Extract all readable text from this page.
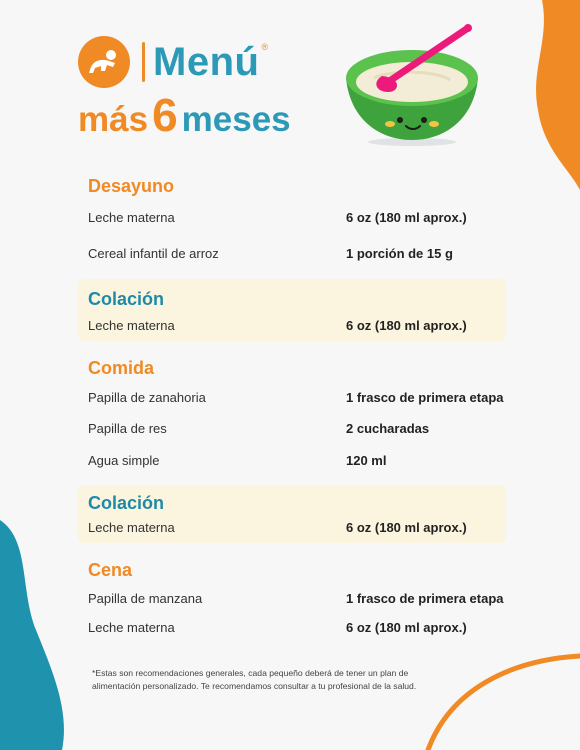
Menú ®
más6 meses
Desayuno
Leche materna	6 oz (180 ml aprox.)
Cereal infantil de arroz	1 porción de 15 g
Colación
Leche materna	6 oz (180 ml aprox.)
Comida
Papilla de zanahoria	1 frasco de primera etapa
Papilla de res	2 cucharadas
Agua simple	120 ml
Colación
Leche materna	6 oz (180 ml aprox.)
Cena
Papilla de manzana	1 frasco de primera etapa
Leche materna	6 oz (180 ml aprox.)
*Estas son recomendaciones generales, cada pequeño deberá de tener un plan de
alimentación personalizado. Te recomendamos consultar a tu profesional de la salud.
